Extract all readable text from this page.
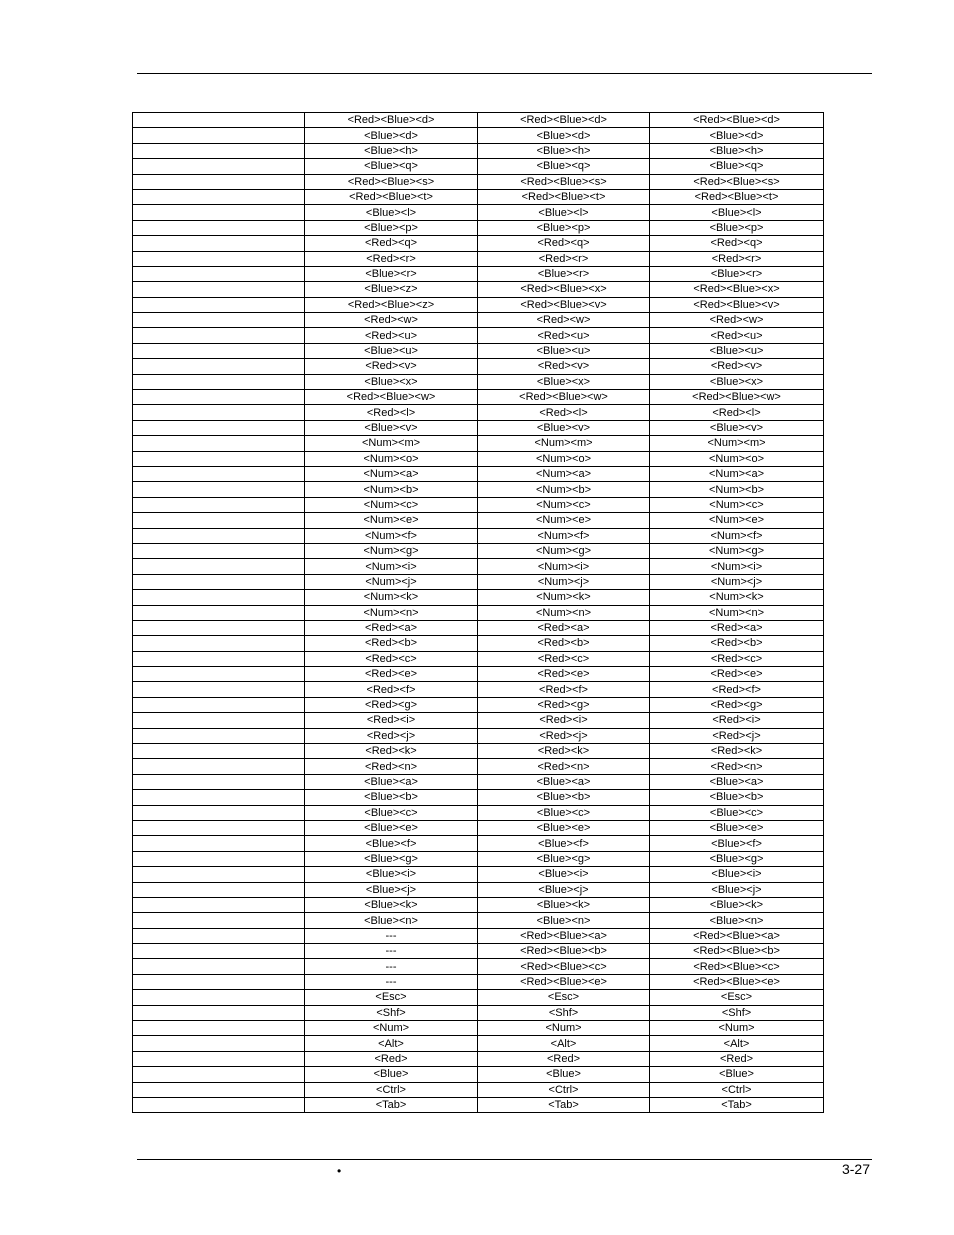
	<Red><Blue><d>	<Red><Blue><d>	<Red><Blue><d>
	<Blue><d>	<Blue><d>	<Blue><d>
	<Blue><h>	<Blue><h>	<Blue><h>
	<Blue><q>	<Blue><q>	<Blue><q>
	<Red><Blue><s>	<Red><Blue><s>	<Red><Blue><s>
	<Red><Blue><t>	<Red><Blue><t>	<Red><Blue><t>
	<Blue><l>	<Blue><l>	<Blue><l>
	<Blue><p>	<Blue><p>	<Blue><p>
	<Red><q>	<Red><q>	<Red><q>
	<Red><r>	<Red><r>	<Red><r>
	<Blue><r>	<Blue><r>	<Blue><r>
	<Blue><z>	<Red><Blue><x>	<Red><Blue><x>
	<Red><Blue><z>	<Red><Blue><v>	<Red><Blue><v>
	<Red><w>	<Red><w>	<Red><w>
	<Red><u>	<Red><u>	<Red><u>
	<Blue><u>	<Blue><u>	<Blue><u>
	<Red><v>	<Red><v>	<Red><v>
	<Blue><x>	<Blue><x>	<Blue><x>
	<Red><Blue><w>	<Red><Blue><w>	<Red><Blue><w>
	<Red><l>	<Red><l>	<Red><l>
	<Blue><v>	<Blue><v>	<Blue><v>
	<Num><m>	<Num><m>	<Num><m>
	<Num><o>	<Num><o>	<Num><o>
	<Num><a>	<Num><a>	<Num><a>
	<Num><b>	<Num><b>	<Num><b>
	<Num><c>	<Num><c>	<Num><c>
	<Num><e>	<Num><e>	<Num><e>
	<Num><f>	<Num><f>	<Num><f>
	<Num><g>	<Num><g>	<Num><g>
	<Num><i>	<Num><i>	<Num><i>
	<Num><j>	<Num><j>	<Num><j>
	<Num><k>	<Num><k>	<Num><k>
	<Num><n>	<Num><n>	<Num><n>
	<Red><a>	<Red><a>	<Red><a>
	<Red><b>	<Red><b>	<Red><b>
	<Red><c>	<Red><c>	<Red><c>
	<Red><e>	<Red><e>	<Red><e>
	<Red><f>	<Red><f>	<Red><f>
	<Red><g>	<Red><g>	<Red><g>
	<Red><i>	<Red><i>	<Red><i>
	<Red><j>	<Red><j>	<Red><j>
	<Red><k>	<Red><k>	<Red><k>
	<Red><n>	<Red><n>	<Red><n>
	<Blue><a>	<Blue><a>	<Blue><a>
	<Blue><b>	<Blue><b>	<Blue><b>
	<Blue><c>	<Blue><c>	<Blue><c>
	<Blue><e>	<Blue><e>	<Blue><e>
	<Blue><f>	<Blue><f>	<Blue><f>
	<Blue><g>	<Blue><g>	<Blue><g>
	<Blue><i>	<Blue><i>	<Blue><i>
	<Blue><j>	<Blue><j>	<Blue><j>
	<Blue><k>	<Blue><k>	<Blue><k>
	<Blue><n>	<Blue><n>	<Blue><n>
	---	<Red><Blue><a>	<Red><Blue><a>
	---	<Red><Blue><b>	<Red><Blue><b>
	---	<Red><Blue><c>	<Red><Blue><c>
	---	<Red><Blue><e>	<Red><Blue><e>
	<Esc>	<Esc>	<Esc>
	<Shf>	<Shf>	<Shf>
	<Num>	<Num>	<Num>
	<Alt>	<Alt>	<Alt>
	<Red>	<Red>	<Red>
	<Blue>	<Blue>	<Blue>
	<Ctrl>	<Ctrl>	<Ctrl>
	<Tab>	<Tab>	<Tab>
•	3-27
